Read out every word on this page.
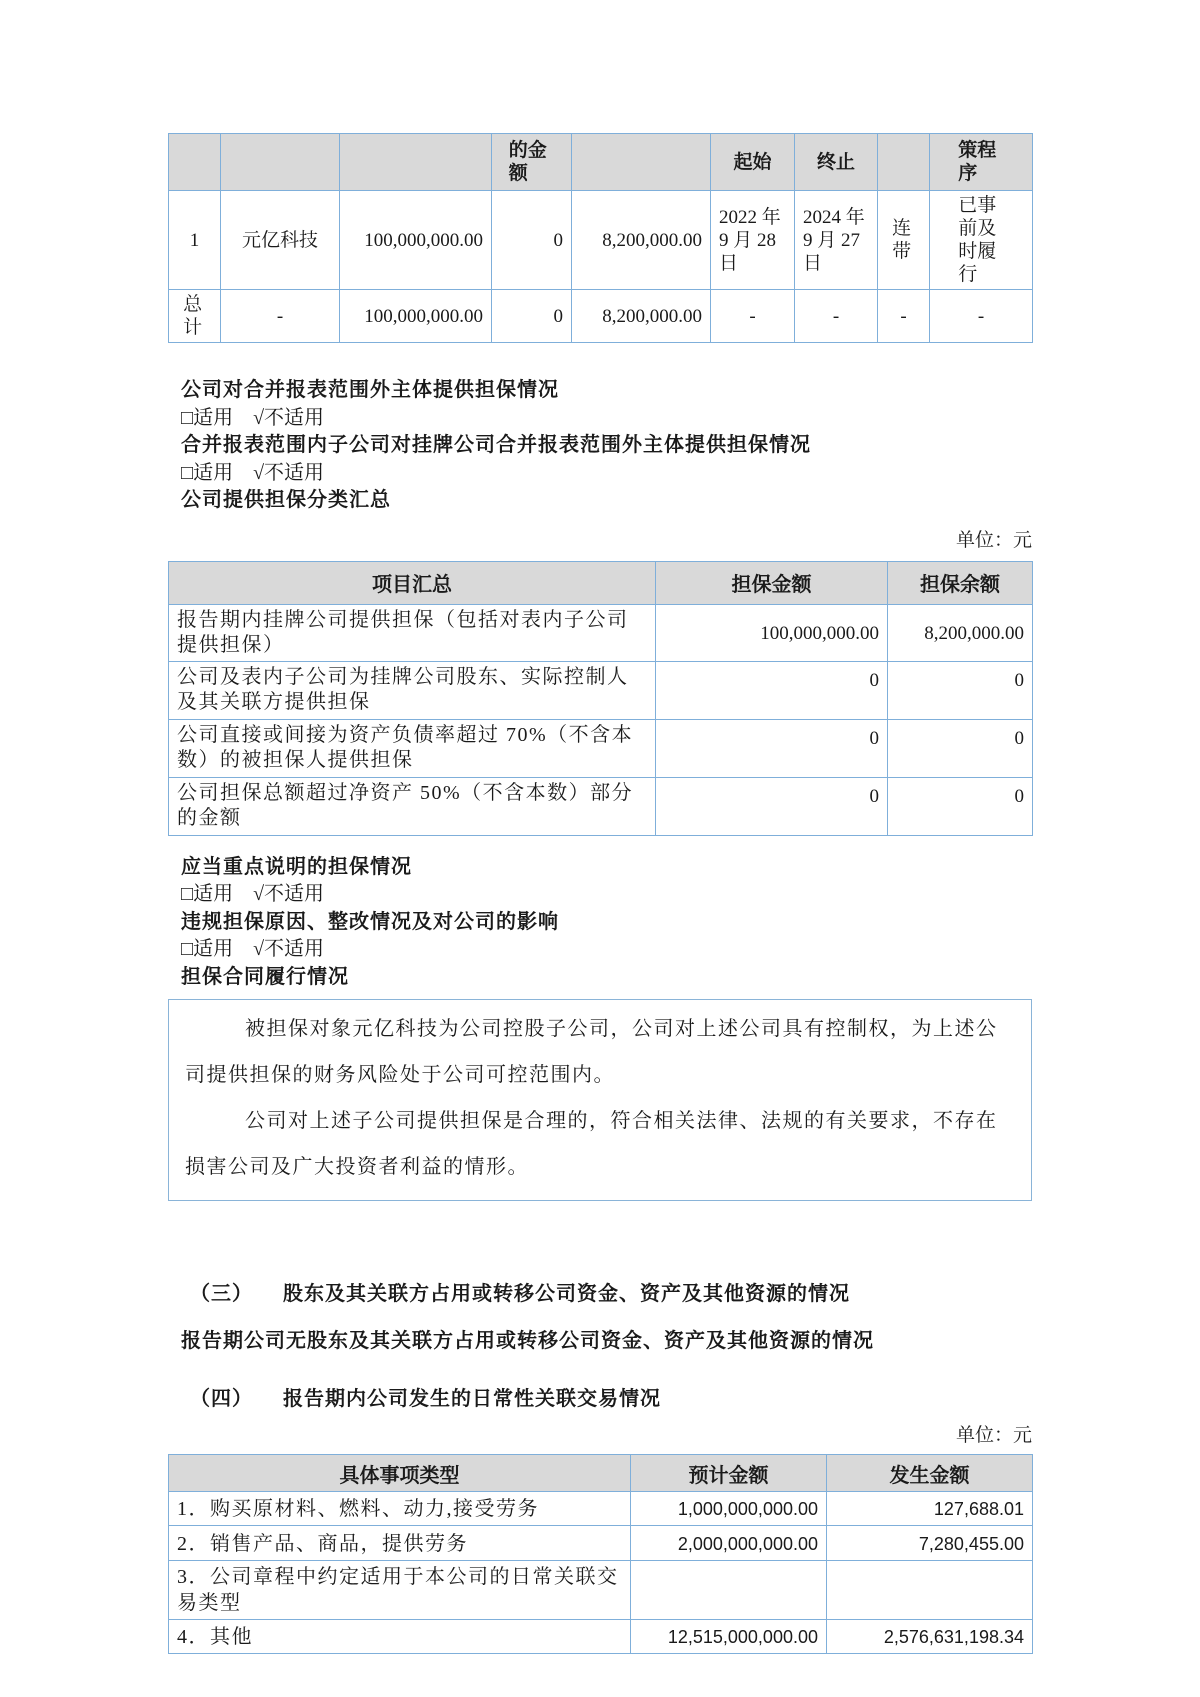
			的金额		起始	终止		策程序
1	元亿科技	100,000,000.00	0	8,200,000.00	2022 年 9 月 28 日	2024 年 9 月 27 日	连带	已事前及时履行
总计	-	100,000,000.00	0	8,200,000.00	-	-	-	-
公司对合并报表范围外主体提供担保情况
□适用　√不适用
合并报表范围内子公司对挂牌公司合并报表范围外主体提供担保情况
□适用　√不适用
公司提供担保分类汇总
单位：元
项目汇总	担保金额	担保余额
报告期内挂牌公司提供担保（包括对表内子公司提供担保）	100,000,000.00	8,200,000.00
公司及表内子公司为挂牌公司股东、实际控制人及其关联方提供担保	0	0
公司直接或间接为资产负债率超过 70%（不含本数）的被担保人提供担保	0	0
公司担保总额超过净资产 50%（不含本数）部分的金额	0	0
应当重点说明的担保情况
□适用　√不适用
违规担保原因、整改情况及对公司的影响
□适用　√不适用
担保合同履行情况

被担保对象元亿科技为公司控股子公司，公司对上述公司具有控制权，为上述公司提供担保的财务风险处于公司可控范围内。

公司对上述子公司提供担保是合理的，符合相关法律、法规的有关要求，不存在损害公司及广大投资者利益的情形。

（三） 股东及其关联方占用或转移公司资金、资产及其他资源的情况
报告期公司无股东及其关联方占用或转移公司资金、资产及其他资源的情况
（四） 报告期内公司发生的日常性关联交易情况
单位：元
具体事项类型	预计金额	发生金额
1．购买原材料、燃料、动力,接受劳务	1,000,000,000.00	127,688.01
2．销售产品、商品，提供劳务	2,000,000,000.00	7,280,455.00
3．公司章程中约定适用于本公司的日常关联交易类型		
4．其他	12,515,000,000.00	2,576,631,198.34
